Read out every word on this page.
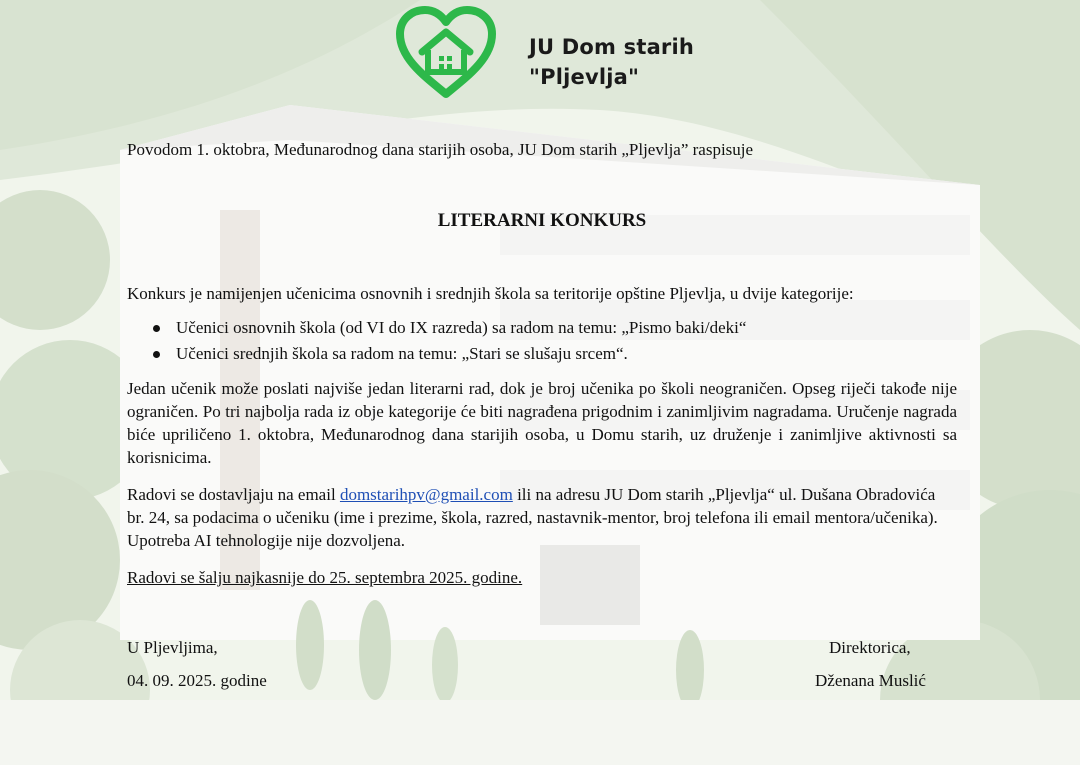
JU Dom starih
"Pljevlja"

Povodom 1. oktobra, Međunarodnog dana starijih osoba, JU Dom starih „Pljevlja” raspisuje

LITERARNI KONKURS

Konkurs je namijenjen učenicima osnovnih i srednjih škola sa teritorije opštine Pljevlja, u dvije kategorije:

Učenici osnovnih škola (od VI do IX razreda) sa radom na temu: „Pismo baki/deki“
Učenici srednjih škola sa radom na temu: „Stari se slušaju srcem“.

Jedan učenik može poslati najviše jedan literarni rad, dok je broj učenika po školi neograničen. Opseg riječi takođe nije ograničen. Po tri najbolja rada iz obje kategorije će biti nagrađena prigodnim i zanimljivim nagradama. Uručenje nagrada biće upriličeno 1. oktobra, Međunarodnog dana starijih osoba, u Domu starih, uz druženje i zanimljive aktivnosti sa korisnicima.

Radovi se dostavljaju na email domstarihpv@gmail.com ili na adresu JU Dom starih „Pljevlja“ ul. Dušana Obradovića br. 24, sa podacima o učeniku (ime i prezime, škola, razred, nastavnik-mentor, broj telefona ili email mentora/učenika). Upotreba AI tehnologije nije dozvoljena.

Radovi se šalju najkasnije do 25. septembra 2025. godine.

U Pljevljima,

04. 09. 2025. godine

Direktorica,

Dženana Muslić
